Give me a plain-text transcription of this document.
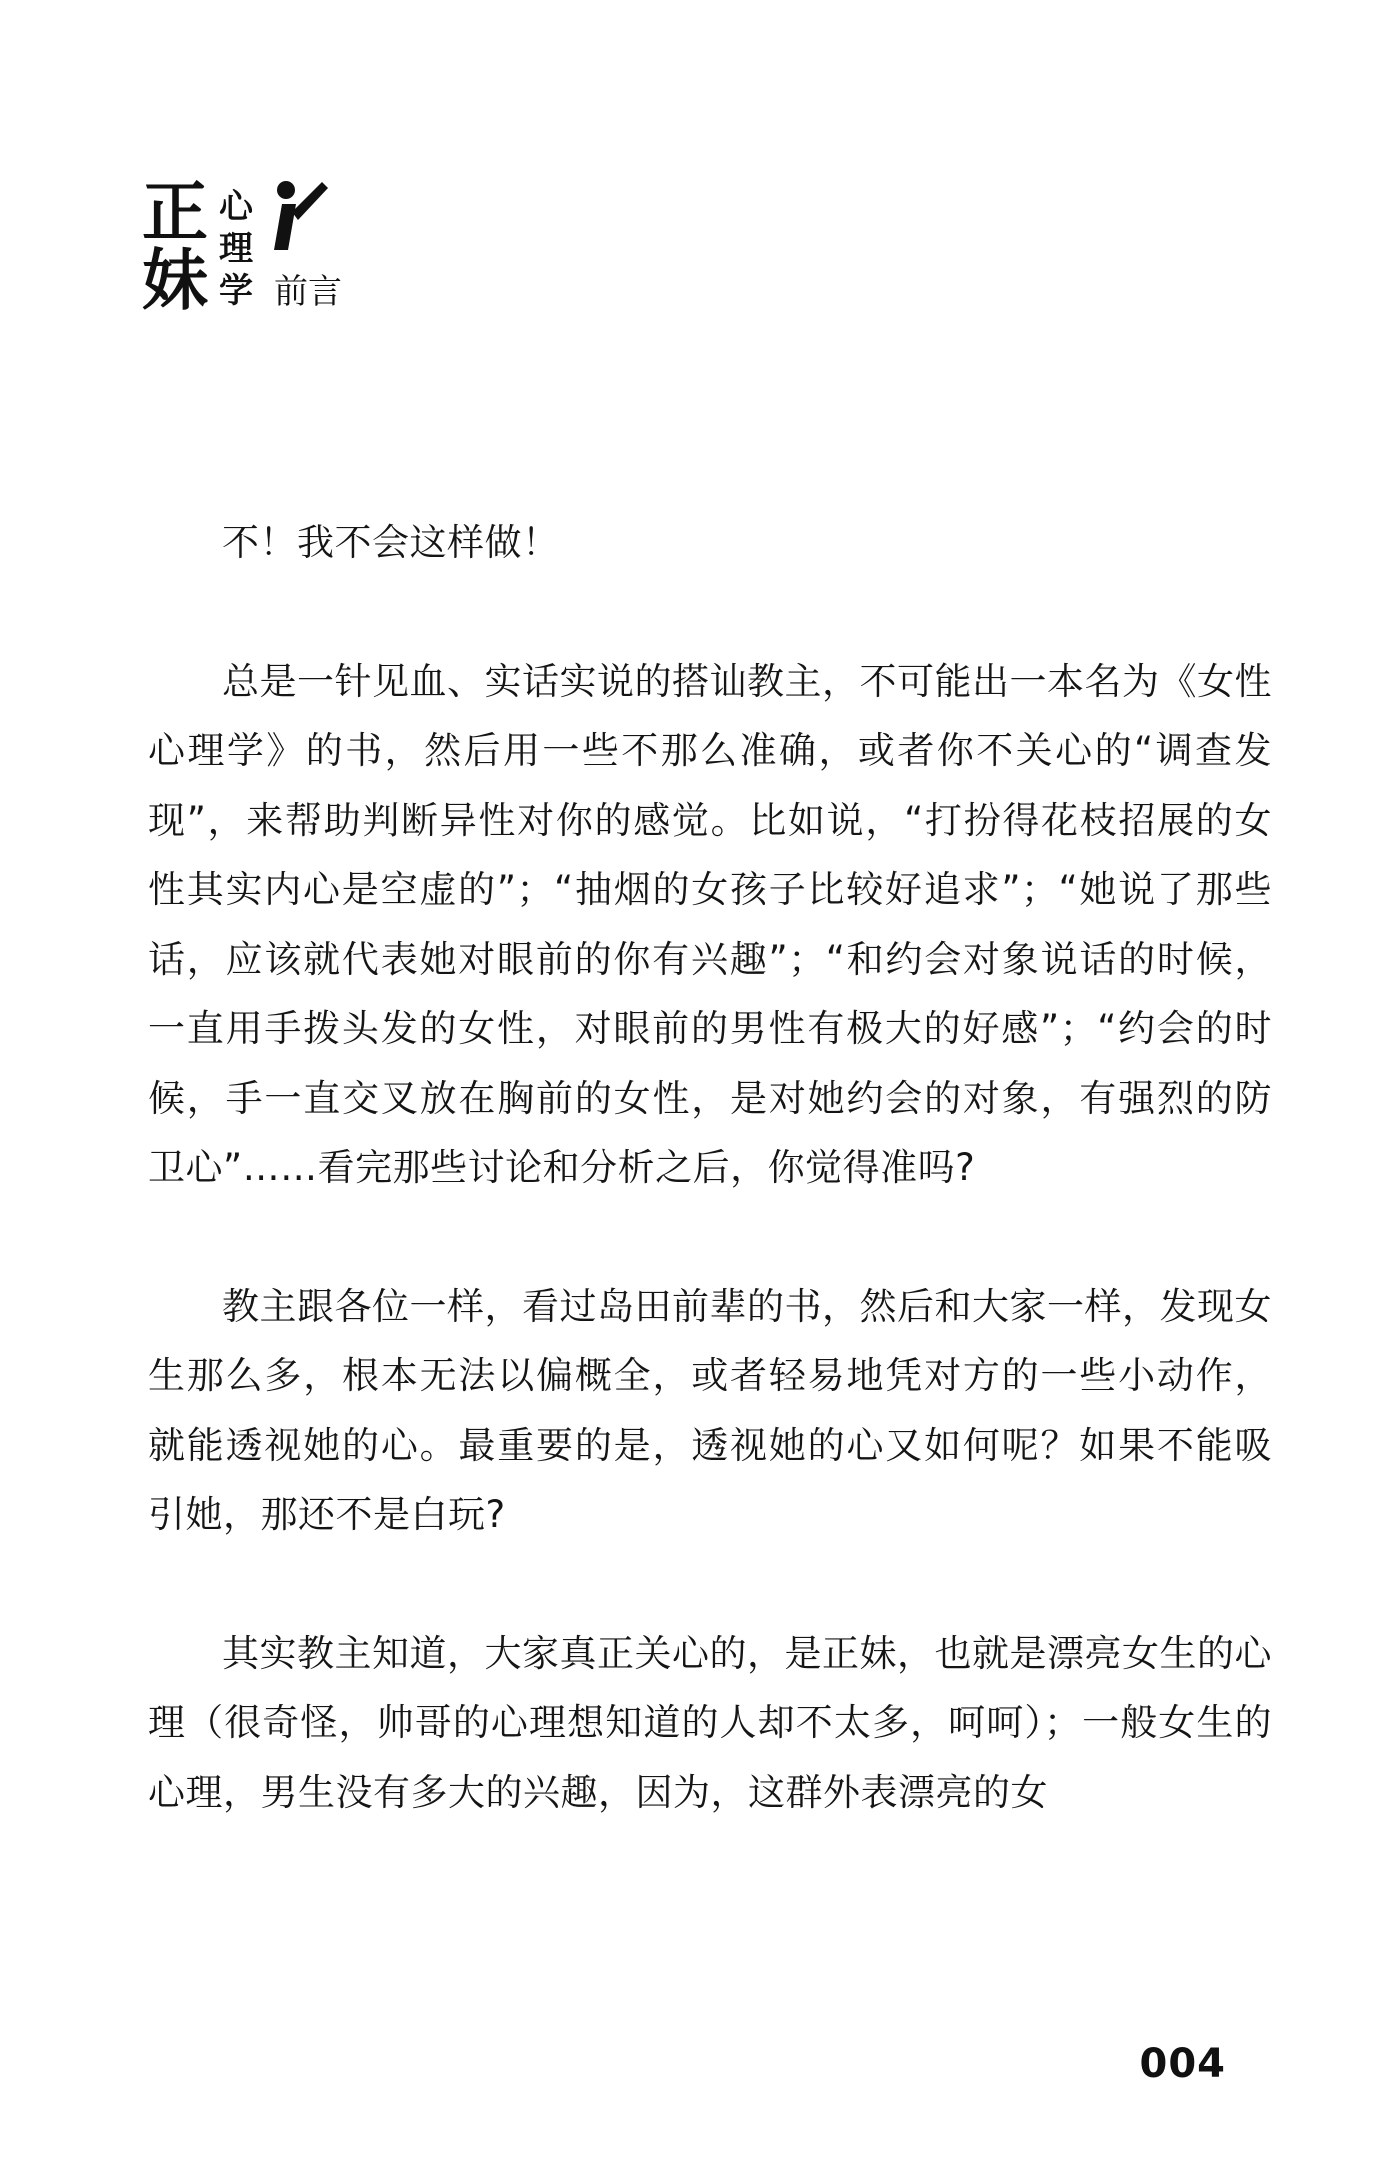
正
妹
心
理
学 前言

不！我不会这样做！

总是一针见血、实话实说的搭讪教主，不可能出一本名为《女性心理学》的书，然后用一些不那么准确，或者你不关心的“调查发现”，来帮助判断异性对你的感觉。比如说，“打扮得花枝招展的女性其实内心是空虚的”；“抽烟的女孩子比较好追求”；“她说了那些话，应该就代表她对眼前的你有兴趣”；“和约会对象说话的时候，一直用手拨头发的女性，对眼前的男性有极大的好感”；“约会的时候，手一直交叉放在胸前的女性，是对她约会的对象，有强烈的防卫心”……看完那些讨论和分析之后，你觉得准吗?

教主跟各位一样，看过岛田前辈的书，然后和大家一样，发现女生那么多，根本无法以偏概全，或者轻易地凭对方的一些小动作，就能透视她的心。最重要的是，透视她的心又如何呢？如果不能吸引她，那还不是白玩?

其实教主知道，大家真正关心的，是正妹，也就是漂亮女生的心理（很奇怪，帅哥的心理想知道的人却不太多，呵呵）；一般女生的心理，男生没有多大的兴趣，因为，这群外表漂亮的女

004
